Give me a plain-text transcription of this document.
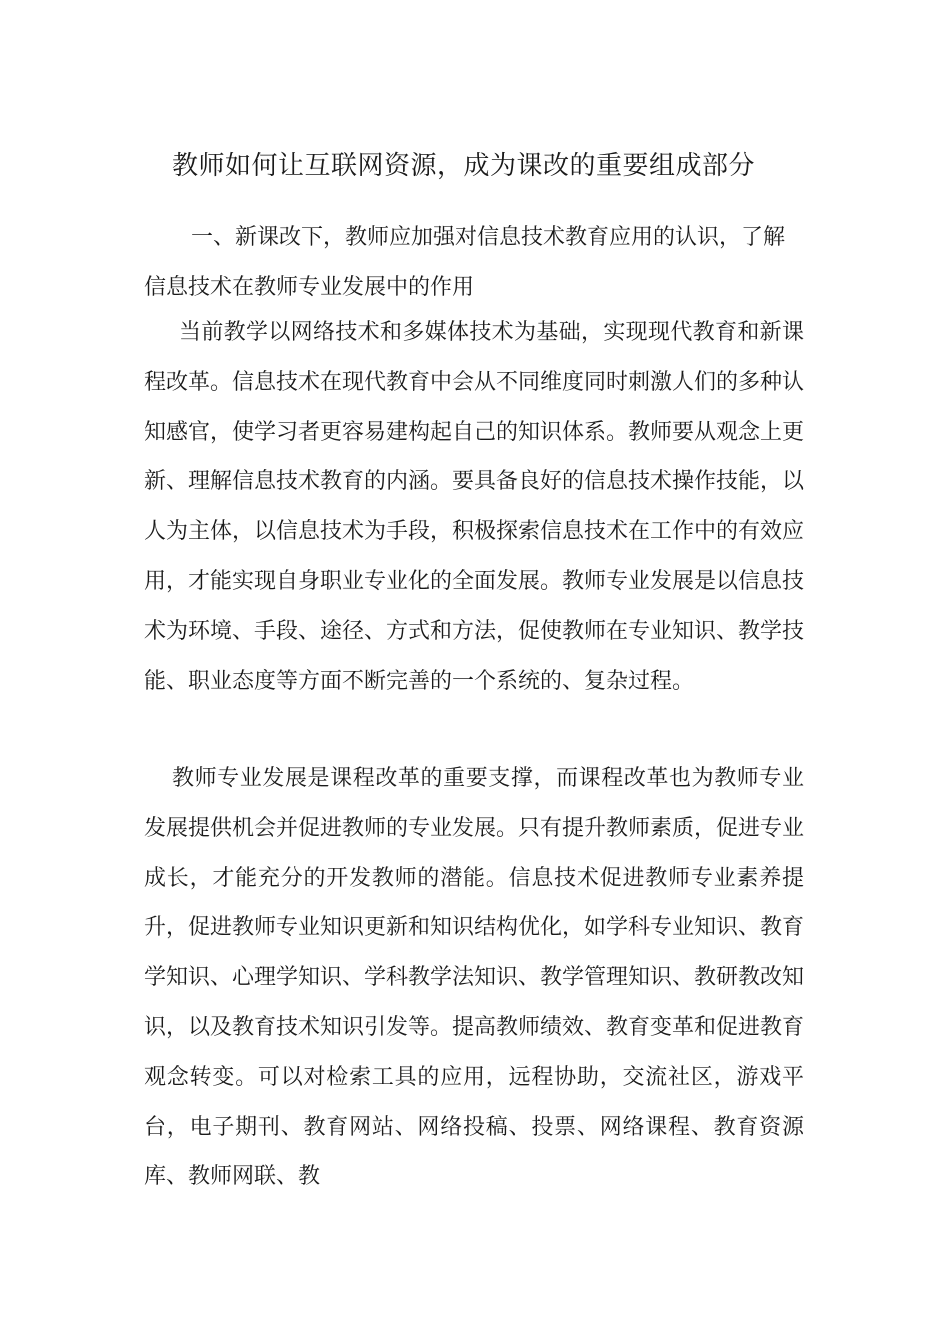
教师如何让互联网资源，成为课改的重要组成部分
一、新课改下，教师应加强对信息技术教育应用的认识，了解信息技术在教师专业发展中的作用
当前教学以网络技术和多媒体技术为基础，实现现代教育和新课程改革。信息技术在现代教育中会从不同维度同时刺激人们的多种认知感官，使学习者更容易建构起自己的知识体系。教师要从观念上更新、理解信息技术教育的内涵。要具备良好的信息技术操作技能，以人为主体，以信息技术为手段，积极探索信息技术在工作中的有效应用，才能实现自身职业专业化的全面发展。教师专业发展是以信息技术为环境、手段、途径、方式和方法，促使教师在专业知识、教学技能、职业态度等方面不断完善的一个系统的、复杂过程。
教师专业发展是课程改革的重要支撑，而课程改革也为教师专业发展提供机会并促进教师的专业发展。只有提升教师素质，促进专业成长，才能充分的开发教师的潜能。信息技术促进教师专业素养提升，促进教师专业知识更新和知识结构优化，如学科专业知识、教育学知识、心理学知识、学科教学法知识、教学管理知识、教研教改知识，以及教育技术知识引发等。提高教师绩效、教育变革和促进教育观念转变。可以对检索工具的应用，远程协助，交流社区，游戏平台，电子期刊、教育网站、网络投稿、投票、网络课程、教育资源库、教师网联、教
